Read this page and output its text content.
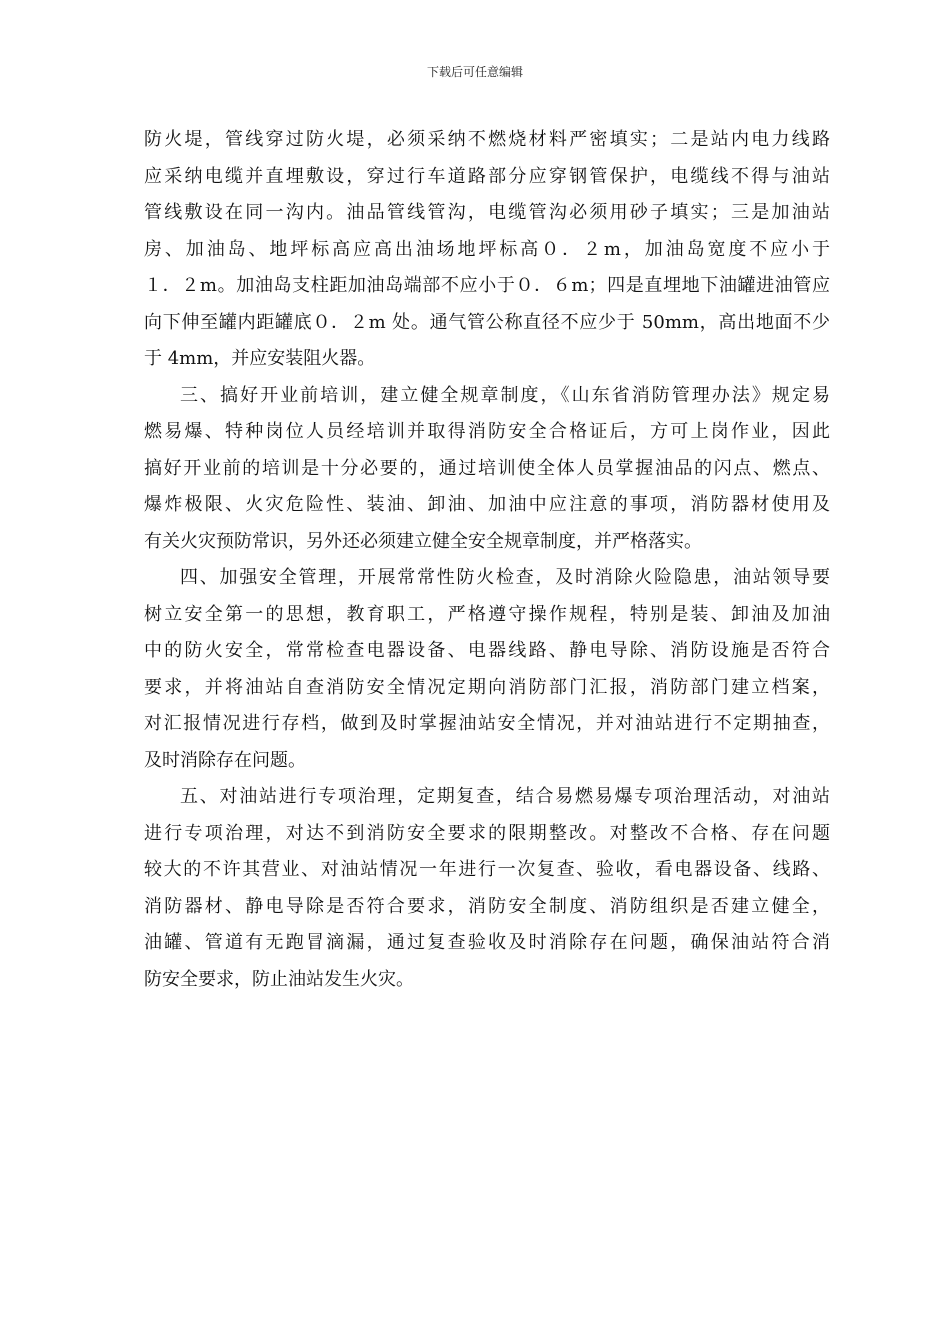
下载后可任意编辑
防火堤，管线穿过防火堤，必须采纳不燃烧材料严密填实；二是站内电力线路
应采纳电缆并直埋敷设，穿过行车道路部分应穿钢管保护，电缆线不得与油站
管线敷设在同一沟内。油品管线管沟，电缆管沟必须用砂子填实；三是加油站
房、加油岛、地坪标高应高出油场地坪标高０．２m，加油岛宽度不应小于
１．２m。加油岛支柱距加油岛端部不应小于０．６m；四是直埋地下油罐进油管应
向下伸至罐内距罐底０．２m 处。通气管公称直径不应少于 50mm，高出地面不少
于 4mm，并应安装阻火器。
三、搞好开业前培训，建立健全规章制度，《山东省消防管理办法》规定易
燃易爆、特种岗位人员经培训并取得消防安全合格证后，方可上岗作业，因此
搞好开业前的培训是十分必要的，通过培训使全体人员掌握油品的闪点、燃点、
爆炸极限、火灾危险性、装油、卸油、加油中应注意的事项，消防器材使用及
有关火灾预防常识，另外还必须建立健全安全规章制度，并严格落实。
四、加强安全管理，开展常常性防火检查，及时消除火险隐患，油站领导要
树立安全第一的思想，教育职工，严格遵守操作规程，特别是装、卸油及加油
中的防火安全，常常检查电器设备、电器线路、静电导除、消防设施是否符合
要求，并将油站自查消防安全情况定期向消防部门汇报，消防部门建立档案，
对汇报情况进行存档，做到及时掌握油站安全情况，并对油站进行不定期抽查，
及时消除存在问题。
五、对油站进行专项治理，定期复查，结合易燃易爆专项治理活动，对油站
进行专项治理，对达不到消防安全要求的限期整改。对整改不合格、存在问题
较大的不许其营业、对油站情况一年进行一次复查、验收，看电器设备、线路、
消防器材、静电导除是否符合要求，消防安全制度、消防组织是否建立健全，
油罐、管道有无跑冒滴漏，通过复查验收及时消除存在问题，确保油站符合消
防安全要求，防止油站发生火灾。
